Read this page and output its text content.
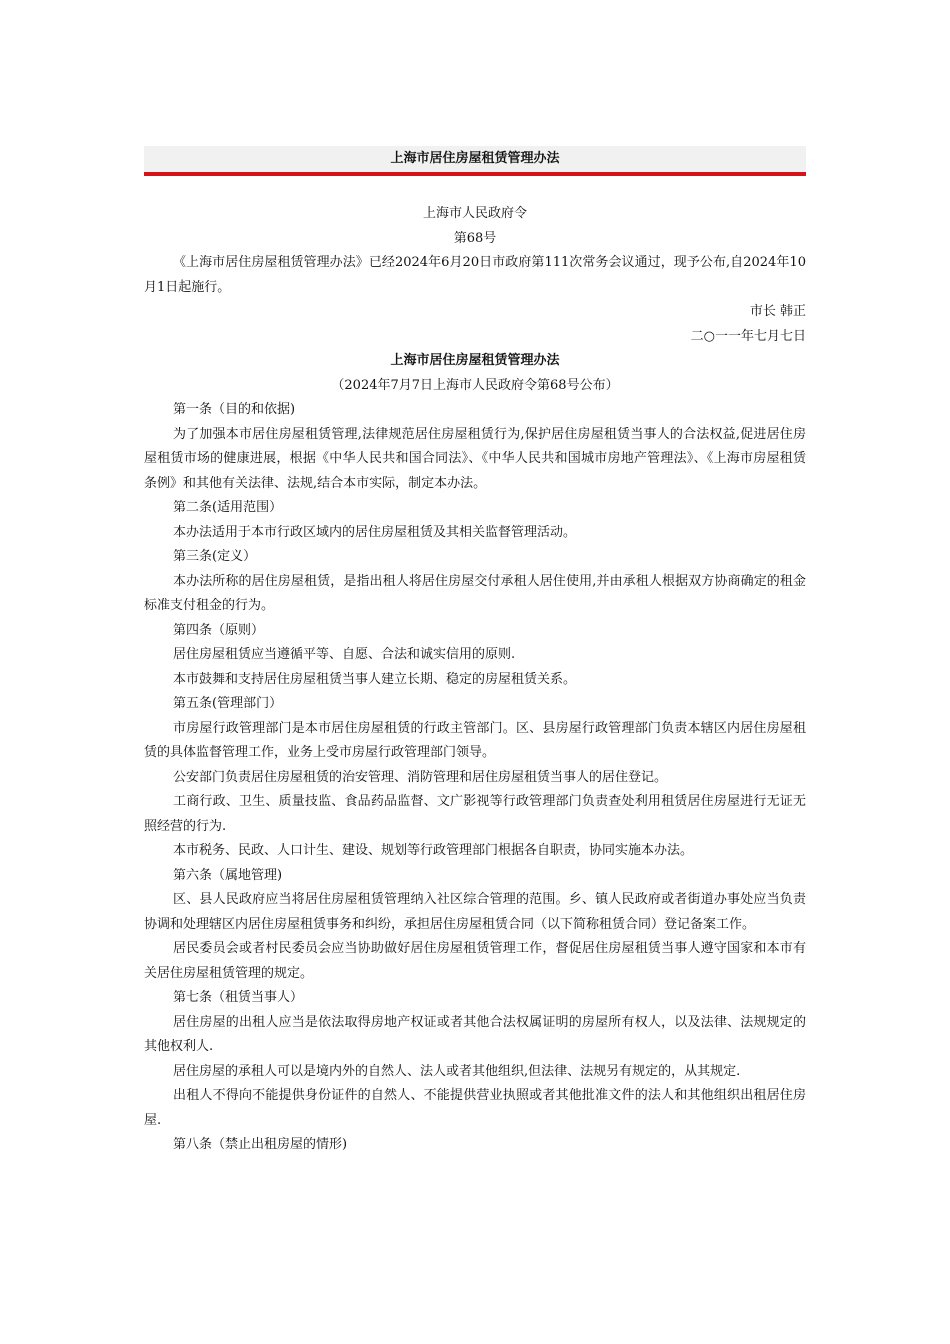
上海市居住房屋租赁管理办法
上海市人民政府令
第68号
《上海市居住房屋租赁管理办法》已经2024年6月20日市政府第111次常务会议通过，现予公布,自2024年10月1日起施行。
市长 韩正
二○一一年七月七日
上海市居住房屋租赁管理办法
（2024年7月7日上海市人民政府令第68号公布）
第一条（目的和依据)
为了加强本市居住房屋租赁管理,法律规范居住房屋租赁行为,保护居住房屋租赁当事人的合法权益,促进居住房屋租赁市场的健康进展，根据《中华人民共和国合同法》、《中华人民共和国城市房地产管理法》、《上海市房屋租赁条例》和其他有关法律、法规,结合本市实际，制定本办法。
第二条(适用范围）
本办法适用于本市行政区域内的居住房屋租赁及其相关监督管理活动。
第三条(定义）
本办法所称的居住房屋租赁，是指出租人将居住房屋交付承租人居住使用,并由承租人根据双方协商确定的租金标准支付租金的行为。
第四条（原则）
居住房屋租赁应当遵循平等、自愿、合法和诚实信用的原则.
本市鼓舞和支持居住房屋租赁当事人建立长期、稳定的房屋租赁关系。
第五条(管理部门）
市房屋行政管理部门是本市居住房屋租赁的行政主管部门。区、县房屋行政管理部门负责本辖区内居住房屋租赁的具体监督管理工作，业务上受市房屋行政管理部门领导。
公安部门负责居住房屋租赁的治安管理、消防管理和居住房屋租赁当事人的居住登记。
工商行政、卫生、质量技监、食品药品监督、文广影视等行政管理部门负责查处利用租赁居住房屋进行无证无照经营的行为.
本市税务、民政、人口计生、建设、规划等行政管理部门根据各自职责，协同实施本办法。
第六条（属地管理)
区、县人民政府应当将居住房屋租赁管理纳入社区综合管理的范围。乡、镇人民政府或者街道办事处应当负责协调和处理辖区内居住房屋租赁事务和纠纷，承担居住房屋租赁合同（以下简称租赁合同）登记备案工作。
居民委员会或者村民委员会应当协助做好居住房屋租赁管理工作，督促居住房屋租赁当事人遵守国家和本市有关居住房屋租赁管理的规定。
第七条（租赁当事人）
居住房屋的出租人应当是依法取得房地产权证或者其他合法权属证明的房屋所有权人，以及法律、法规规定的其他权利人.
居住房屋的承租人可以是境内外的自然人、法人或者其他组织,但法律、法规另有规定的，从其规定.
出租人不得向不能提供身份证件的自然人、不能提供营业执照或者其他批准文件的法人和其他组织出租居住房屋.
第八条（禁止出租房屋的情形)
